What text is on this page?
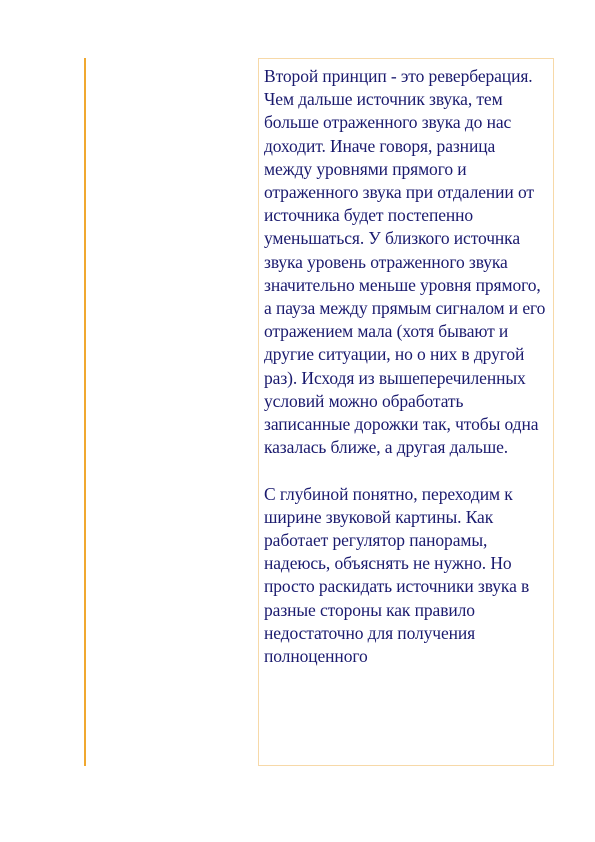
Второй принцип - это реверберация. Чем дальше источник звука, тем больше отраженного звука до нас доходит. Иначе говоря, разница между уровнями прямого и отраженного звука при отдалении от источника будет постепенно уменьшаться. У близкого источнка звука уровень отраженного звука значительно меньше уровня прямого, а пауза между прямым сигналом и его отражением мала (хотя бывают и другие ситуации, но о них в другой раз). Исходя из вышеперечиленных условий можно обработать записанные дорожки так, чтобы одна казалась ближе, а другая дальше.

С глубиной понятно, переходим к ширине звуковой картины. Как работает регулятор панорамы, надеюсь, объяснять не нужно. Но просто раскидать источники звука в разные стороны как правило недостаточно для получения полноценного
